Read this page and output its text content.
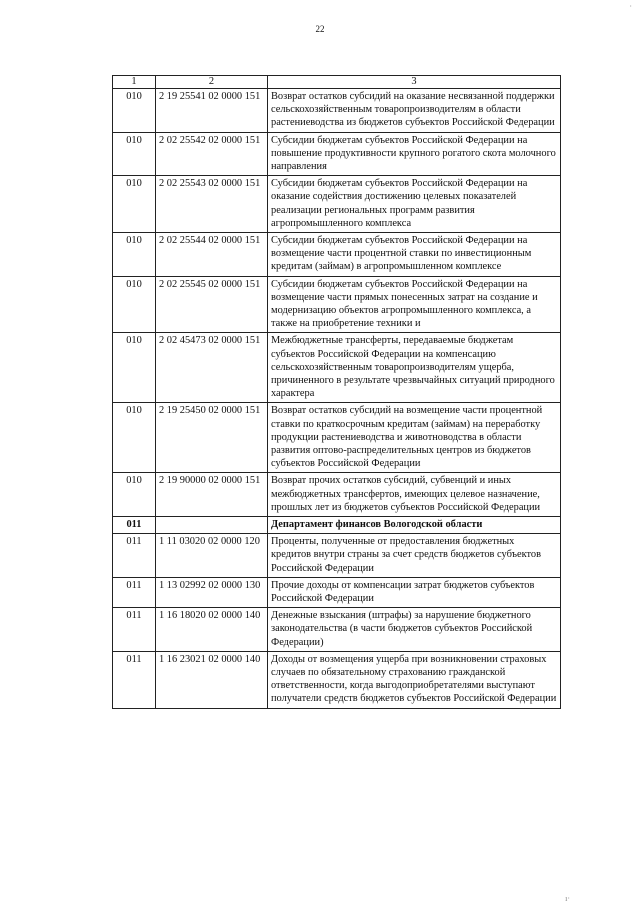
·
22
1	2	3
010	2 19 25541 02 0000 151	Возврат остатков субсидий на оказание несвязанной поддержки сельскохозяйственным товаропроизводителям в области растениеводства из бюджетов субъектов Российской Федерации
010	2 02 25542 02 0000 151	Субсидии бюджетам субъектов Российской Федерации на повышение продуктивности крупного рогатого скота молочного направления
010	2 02 25543 02 0000 151	Субсидии бюджетам субъектов Российской Федерации на оказание содействия достижению целевых показателей реализации региональных программ развития агропромышленного комплекса
010	2 02 25544 02 0000 151	Субсидии бюджетам субъектов Российской Федерации на возмещение части процентной ставки по инвестиционным кредитам (займам) в агропромышленном комплексе
010	2 02 25545 02 0000 151	Субсидии бюджетам субъектов Российской Федерации на возмещение части прямых понесенных затрат на создание и модернизацию объектов агропромышленного комплекса, а также на приобретение техники и
010	2 02 45473 02 0000 151	Межбюджетные трансферты, передаваемые бюджетам субъектов Российской Федерации на компенсацию сельскохозяйственным товаропроизводителям ущерба, причиненного в результате чрезвычайных ситуаций природного характера
010	2 19 25450 02 0000 151	Возврат остатков субсидий на возмещение части процентной ставки по краткосрочным кредитам (займам) на переработку продукции растениеводства и животноводства в области развития оптово-распределительных центров из бюджетов субъектов Российской Федерации
010	2 19 90000 02 0000 151	Возврат прочих остатков субсидий, субвенций и иных межбюджетных трансфертов, имеющих целевое назначение, прошлых лет из бюджетов субъектов Российской Федерации
011		Департамент финансов Вологодской области
011	1 11 03020 02 0000 120	Проценты, полученные от предоставления бюджетных кредитов внутри страны за счет средств бюджетов субъектов Российской Федерации
011	1 13 02992 02 0000 130	Прочие доходы от компенсации затрат бюджетов субъектов Российской Федерации
011	1 16 18020 02 0000 140	Денежные взыскания (штрафы) за нарушение бюджетного законодательства (в части бюджетов субъектов Российской Федерации)
011	1 16 23021 02 0000 140	Доходы от возмещения ущерба при возникновении страховых случаев по обязательному страхованию гражданской ответственности, когда выгодоприобретателями выступают получатели средств бюджетов субъектов Российской Федерации
ı·
